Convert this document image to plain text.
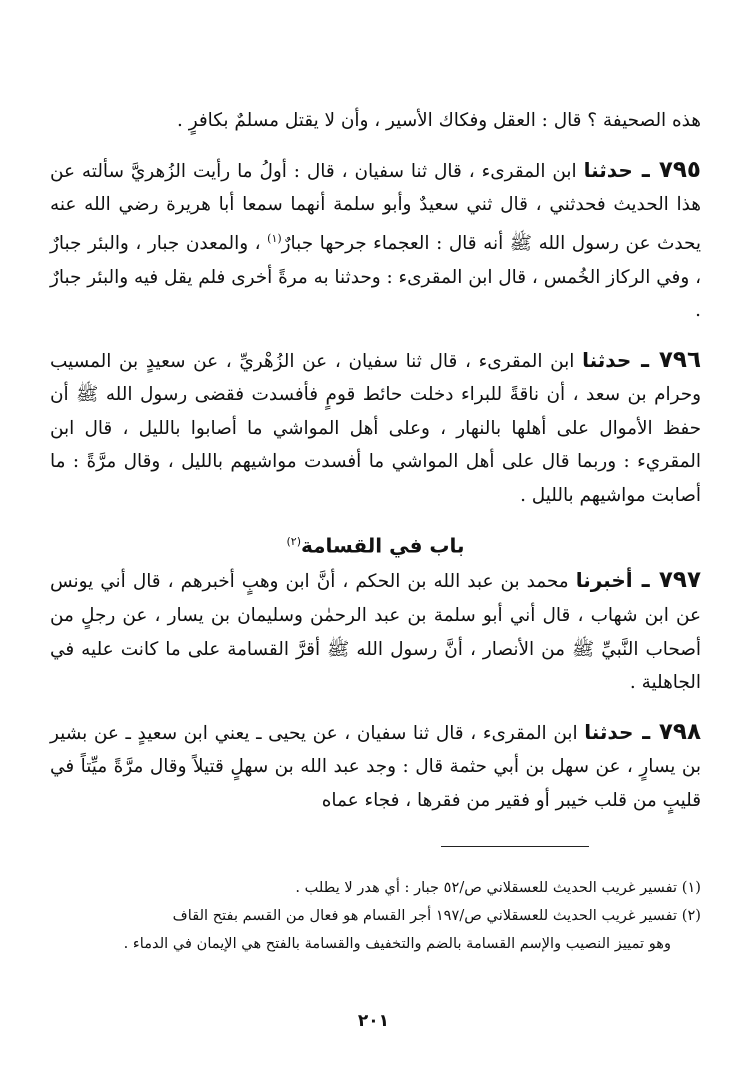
هذه الصحيفة ؟ قال : العقل وفكاك الأسير ، وأن لا يقتل مسلمٌ بكافرٍ .

٧٩٥ ـ حدثنا ابن المقرىء ، قال ثنا سفيان ، قال : أولُ ما رأيت الزُهريَّ سألته عن هذا الحديث فحدثني ، قال ثني سعيدٌ وأبو سلمة أنهما سمعا أبا هريرة رضي الله عنه يحدث عن رسول الله ﷺ أنه قال : العجماء جرحها جبارٌ$^{(١)}$ ، والمعدن جبار ، والبئر جبارٌ ، وفي الركاز الخُمس ، قال ابن المقرىء : وحدثنا به مرةً أخرى فلم يقل فيه والبئر جبارٌ .

٧٩٦ ـ حدثنا ابن المقرىء ، قال ثنا سفيان ، عن الزُهْريِّ ، عن سعيدٍ بن المسيب وحرام بن سعد ، أن ناقةً للبراء دخلت حائط قومٍ فأفسدت فقضى رسول الله ﷺ أن حفظ الأموال على أهلها بالنهار ، وعلى أهل المواشي ما أصابوا بالليل ، قال ابن المقريء : وربما قال على أهل المواشي ما أفسدت مواشيهم بالليل ، وقال مرَّةً : ما أصابت مواشيهم بالليل .

باب في القسامة$^{(٢)}$

٧٩٧ ـ أخبرنا محمد بن عبد الله بن الحكم ، أنَّ ابن وهبٍ أخبرهم ، قال أني يونس عن ابن شهاب ، قال أني أبو سلمة بن عبد الرحمٰن وسليمان بن يسار ، عن رجلٍ من أصحاب النَّبيِّ ﷺ من الأنصار ، أنَّ رسول الله ﷺ أقرَّ القسامة على ما كانت عليه في الجاهلية .

٧٩٨ ـ حدثنا ابن المقرىء ، قال ثنا سفيان ، عن يحيى ـ يعني ابن سعيدٍ ـ عن بشير بن يسارٍ ، عن سهل بن أبي حثمة قال : وجد عبد الله بن سهلٍ قتيلاً وقال مرَّةً ميِّتاً في قليبٍ من قلب خيبر أو فقير من فقرها ، فجاء عماه

(١) تفسير غريب الحديث للعسقلاني ص/٥٢ جبار : أي هدر لا يطلب .

(٢) تفسير غريب الحديث للعسقلاني ص/١٩٧ أجر القسام هو فعال من القسم بفتح القاف

وهو تمييز النصيب والإسم القسامة بالضم والتخفيف والقسامة بالفتح هي الإيمان في الدماء .

٢٠١
